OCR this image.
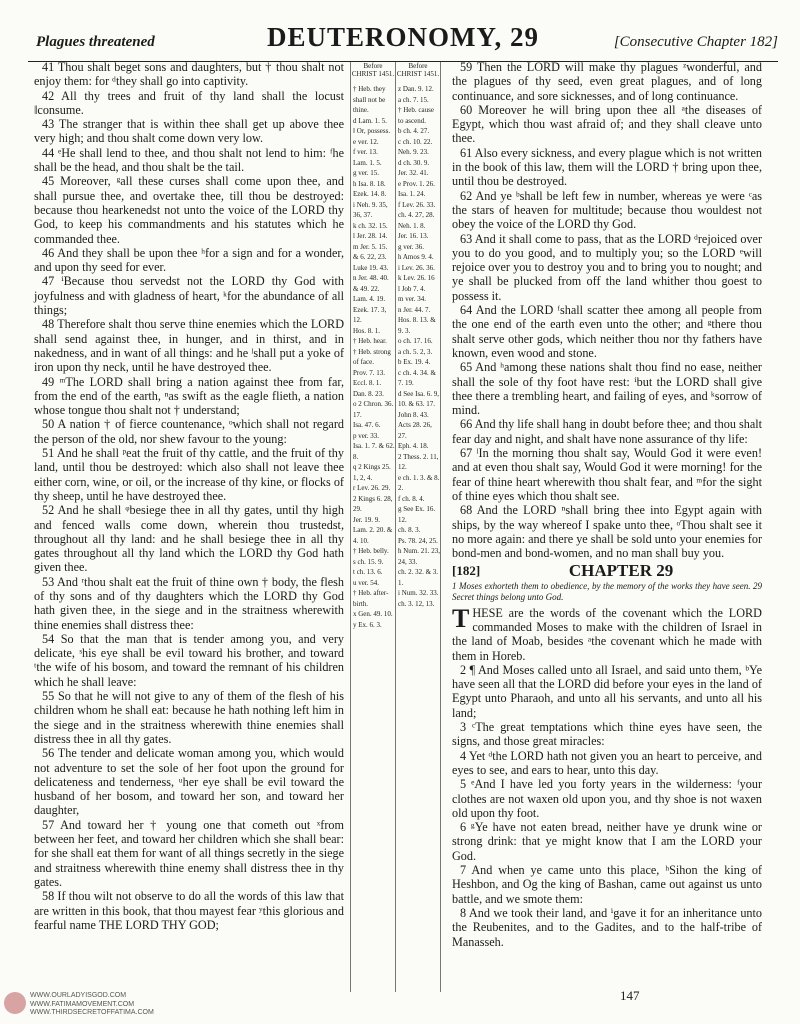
Plagues threatened	DEUTERONOMY, 29	[Consecutive Chapter 182]

41 Thou shalt beget sons and daughters, but † thou shalt not enjoy them: for ᵈthey shall go into captivity.

42 All thy trees and fruit of thy land shall the locust ‖consume.

43 The stranger that is within thee shall get up above thee very high; and thou shalt come down very low.

44 ᵉHe shall lend to thee, and thou shalt not lend to him: ᶠhe shall be the head, and thou shalt be the tail.

45 Moreover, ᵍall these curses shall come upon thee, and shall pursue thee, and overtake thee, till thou be destroyed: because thou hearkenedst not unto the voice of the LORD thy God, to keep his commandments and his statutes which he commanded thee.

46 And they shall be upon thee ʰfor a sign and for a wonder, and upon thy seed for ever.

47 ⁱBecause thou servedst not the LORD thy God with joyfulness and with gladness of heart, ᵏfor the abundance of all things;

48 Therefore shalt thou serve thine enemies which the LORD shall send against thee, in hunger, and in thirst, and in nakedness, and in want of all things: and he ˡshall put a yoke of iron upon thy neck, until he have destroyed thee.

49 ᵐThe LORD shall bring a nation against thee from far, from the end of the earth, ⁿas swift as the eagle flieth, a nation whose tongue thou shalt not † understand;

50 A nation † of fierce countenance, ᵒwhich shall not regard the person of the old, nor shew favour to the young:

51 And he shall ᵖeat the fruit of thy cattle, and the fruit of thy land, until thou be destroyed: which also shall not leave thee either corn, wine, or oil, or the increase of thy kine, or flocks of thy sheep, until he have destroyed thee.

52 And he shall ᵠbesiege thee in all thy gates, until thy high and fenced walls come down, wherein thou trustedst, throughout all thy land: and he shall besiege thee in all thy gates throughout all thy land which the LORD thy God hath given thee.

53 And ʳthou shalt eat the fruit of thine own † body, the flesh of thy sons and of thy daughters which the LORD thy God hath given thee, in the siege and in the straitness wherewith thine enemies shall distress thee:

54 So that the man that is tender among you, and very delicate, ˢhis eye shall be evil toward his brother, and toward ᵗthe wife of his bosom, and toward the remnant of his children which he shall leave:

55 So that he will not give to any of them of the flesh of his children whom he shall eat: because he hath nothing left him in the siege and in the straitness wherewith thine enemies shall distress thee in all thy gates.

56 The tender and delicate woman among you, which would not adventure to set the sole of her foot upon the ground for delicateness and tenderness, ᵘher eye shall be evil toward the husband of her bosom, and toward her son, and toward her daughter,

57 And toward her † young one that cometh out ˣfrom between her feet, and toward her children which she shall bear: for she shall eat them for want of all things secretly in the siege and straitness wherewith thine enemy shall distress thee in thy gates.

58 If thou wilt not observe to do all the words of this law that are written in this book, that thou mayest fear ʸthis glorious and fearful name THE LORD THY GOD;

Before CHRIST 1451.
† Heb. they shall not be thine.
d Lam. 1. 5.
‖ Or, possess.
e ver. 12.
f ver. 13.
Lam. 1. 5.
g ver. 15.
h Isa. 8. 18.
Ezek. 14. 8.
i Neh. 9. 35, 36, 37.
k ch. 32. 15.
l Jer. 28. 14.
m Jer. 5. 15.
& 6. 22, 23.
Luke 19. 43.
n Jer. 48. 40. & 49. 22.
Lam. 4. 19.
Ezek. 17. 3, 12.
Hos. 8. 1.
† Heb. hear.
† Heb. strong of face.
Prov. 7. 13.
Eccl. 8. 1.
Dan. 8. 23.
o 2 Chron. 36. 17.
Isa. 47. 6.
p ver. 33.
Isa. 1. 7. & 62. 8.
q 2 Kings 25. 1, 2, 4.
r Lev. 26. 29.
2 Kings 6. 28, 29.
Jer. 19. 9.
Lam. 2. 20. & 4. 10.
† Heb. belly.
s ch. 15. 9.
t ch. 13. 6.
u ver. 54.
† Heb. after-birth.
x Gen. 49. 10.
y Ex. 6. 3.
Before CHRIST 1451.
z Dan. 9. 12.
a ch. 7. 15.
† Heb. cause to ascend.
b ch. 4. 27.
c ch. 10. 22.
Neh. 9. 23.
d ch. 30. 9.
Jer. 32. 41.
e Prov. 1. 26.
Isa. 1. 24.
f Lev. 26. 33.
ch. 4. 27, 28.
Neh. 1. 8.
Jer. 16. 13.
g ver. 36.
h Amos 9. 4.
i Lev. 26. 36.
k Lev. 26. 16
l Job 7. 4.
m ver. 34.
n Jer. 44. 7.
Hos. 8. 13. & 9. 3.
o ch. 17. 16.
a ch. 5. 2, 3.
b Ex. 19. 4.
c ch. 4. 34. & 7. 19.
d See Isa. 6. 9, 10. & 63. 17.
John 8. 43.
Acts 28. 26, 27.
Eph. 4. 18.
2 Thess. 2. 11, 12.
e ch. 1. 3. & 8. 2.
f ch. 8. 4.
g See Ex. 16. 12.
ch. 8. 3.
Ps. 78. 24, 25.
h Num. 21. 23, 24, 33.
ch. 2. 32. & 3. 1.
i Num. 32. 33.
ch. 3. 12, 13.

59 Then the LORD will make thy plagues ᶻwonderful, and the plagues of thy seed, even great plagues, and of long continuance, and sore sicknesses, and of long continuance.

60 Moreover he will bring upon thee all ᵃthe diseases of Egypt, which thou wast afraid of; and they shall cleave unto thee.

61 Also every sickness, and every plague which is not written in the book of this law, them will the LORD † bring upon thee, until thou be destroyed.

62 And ye ᵇshall be left few in number, whereas ye were ᶜas the stars of heaven for multitude; because thou wouldest not obey the voice of the LORD thy God.

63 And it shall come to pass, that as the LORD ᵈrejoiced over you to do you good, and to multiply you; so the LORD ᵉwill rejoice over you to destroy you and to bring you to nought; and ye shall be plucked from off the land whither thou goest to possess it.

64 And the LORD ᶠshall scatter thee among all people from the one end of the earth even unto the other; and ᵍthere thou shalt serve other gods, which neither thou nor thy fathers have known, even wood and stone.

65 And ʰamong these nations shalt thou find no ease, neither shall the sole of thy foot have rest: ⁱbut the LORD shall give thee there a trembling heart, and failing of eyes, and ᵏsorrow of mind.

66 And thy life shall hang in doubt before thee; and thou shalt fear day and night, and shalt have none assurance of thy life:

67 ˡIn the morning thou shalt say, Would God it were even! and at even thou shalt say, Would God it were morning! for the fear of thine heart wherewith thou shalt fear, and ᵐfor the sight of thine eyes which thou shalt see.

68 And the LORD ⁿshall bring thee into Egypt again with ships, by the way whereof I spake unto thee, ᵒThou shalt see it no more again: and there ye shall be sold unto your enemies for bond-men and bond-women, and no man shall buy you.

[182]	CHAPTER 29
1 Moses exhorteth them to obedience, by the memory of the works they have seen. 29 Secret things belong unto God.

THESE are the words of the covenant which the LORD commanded Moses to make with the children of Israel in the land of Moab, besides ᵃthe covenant which he made with them in Horeb.

2 ¶ And Moses called unto all Israel, and said unto them, ᵇYe have seen all that the LORD did before your eyes in the land of Egypt unto Pharaoh, and unto all his servants, and unto all his land;

3 ᶜThe great temptations which thine eyes have seen, the signs, and those great miracles:

4 Yet ᵈthe LORD hath not given you an heart to perceive, and eyes to see, and ears to hear, unto this day.

5 ᵉAnd I have led you forty years in the wilderness: ᶠyour clothes are not waxen old upon you, and thy shoe is not waxen old upon thy foot.

6 ᵍYe have not eaten bread, neither have ye drunk wine or strong drink: that ye might know that I am the LORD your God.

7 And when ye came unto this place, ʰSihon the king of Heshbon, and Og the king of Bashan, came out against us unto battle, and we smote them:

8 And we took their land, and ⁱgave it for an inheritance unto the Reubenites, and to the Gadites, and to the half-tribe of Manasseh.

WWW.OURLADYISGOD.COM
WWW.FATIMAMOVEMENT.COM
WWW.THIRDSECRETOFFATIMA.COM
147
